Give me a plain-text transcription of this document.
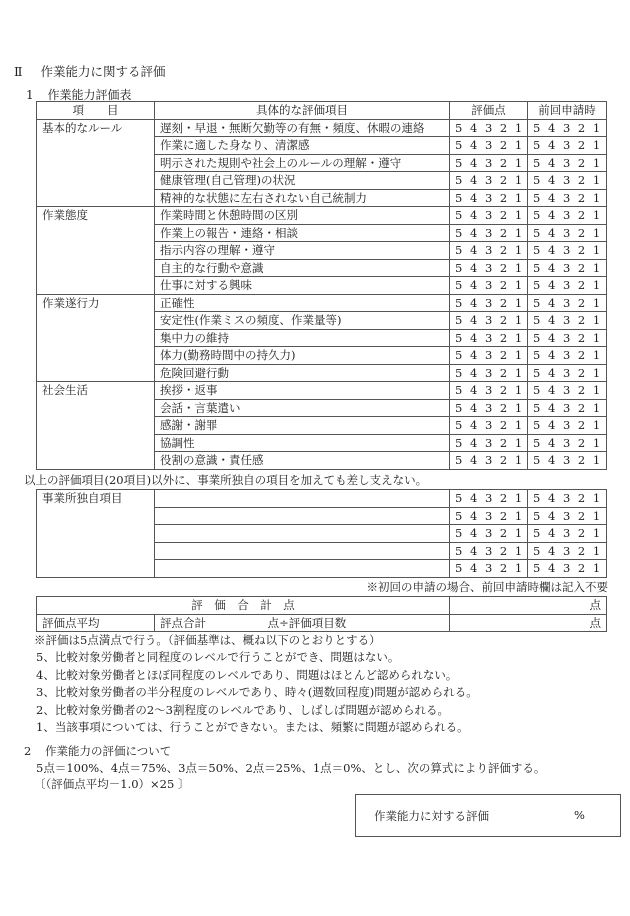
Ⅱ 作業能力に関する評価
1 作業能力評価表
項　　目	具体的な評価項目	評価点	前回申請時
基本的なルール	遅刻・早退・無断欠勤等の有無・頻度、休暇の連絡	5 4 3 2 1	5 4 3 2 1
	作業に適した身なり、清潔感	5 4 3 2 1	5 4 3 2 1
	明示された規則や社会上のルールの理解・遵守	5 4 3 2 1	5 4 3 2 1
	健康管理(自己管理)の状況	5 4 3 2 1	5 4 3 2 1
	精神的な状態に左右されない自己統制力	5 4 3 2 1	5 4 3 2 1
作業態度	作業時間と休憩時間の区別	5 4 3 2 1	5 4 3 2 1
	作業上の報告・連絡・相談	5 4 3 2 1	5 4 3 2 1
	指示内容の理解・遵守	5 4 3 2 1	5 4 3 2 1
	自主的な行動や意識	5 4 3 2 1	5 4 3 2 1
	仕事に対する興味	5 4 3 2 1	5 4 3 2 1
作業遂行力	正確性	5 4 3 2 1	5 4 3 2 1
	安定性(作業ミスの頻度、作業量等)	5 4 3 2 1	5 4 3 2 1
	集中力の維持	5 4 3 2 1	5 4 3 2 1
	体力(勤務時間中の持久力)	5 4 3 2 1	5 4 3 2 1
	危険回避行動	5 4 3 2 1	5 4 3 2 1
社会生活	挨拶・返事	5 4 3 2 1	5 4 3 2 1
	会話・言葉遣い	5 4 3 2 1	5 4 3 2 1
	感謝・謝罪	5 4 3 2 1	5 4 3 2 1
	協調性	5 4 3 2 1	5 4 3 2 1
	役割の意識・責任感	5 4 3 2 1	5 4 3 2 1
以上の評価項目(20項目)以外に、事業所独自の項目を加えても差し支えない。
事業所独自項目		5 4 3 2 1	5 4 3 2 1
		5 4 3 2 1	5 4 3 2 1
		5 4 3 2 1	5 4 3 2 1
		5 4 3 2 1	5 4 3 2 1
		5 4 3 2 1	5 4 3 2 1
※初回の申請の場合、前回申請時欄は記入不要
評　価　合　計　点		点
評価点平均	評点合計 点÷評価項目数	点
※評価は5点満点で行う。（評価基準は、概ね以下のとおりとする）
5、比較対象労働者と同程度のレベルで行うことができ、問題はない。
4、比較対象労働者とほぼ同程度のレベルであり、問題はほとんど認められない。
3、比較対象労働者の半分程度のレベルであり、時々(週数回程度)問題が認められる。
2、比較対象労働者の2～3割程度のレベルであり、しばしば問題が認められる。
1、当該事項については、行うことができない。または、頻繁に問題が認められる。
2 作業能力の評価について
5点＝100%、4点＝75%、3点＝50%、2点＝25%、1点＝0%、とし、次の算式により評価する。
〔（評価点平均－1.0）×25 〕
作業能力に対する評価	%
